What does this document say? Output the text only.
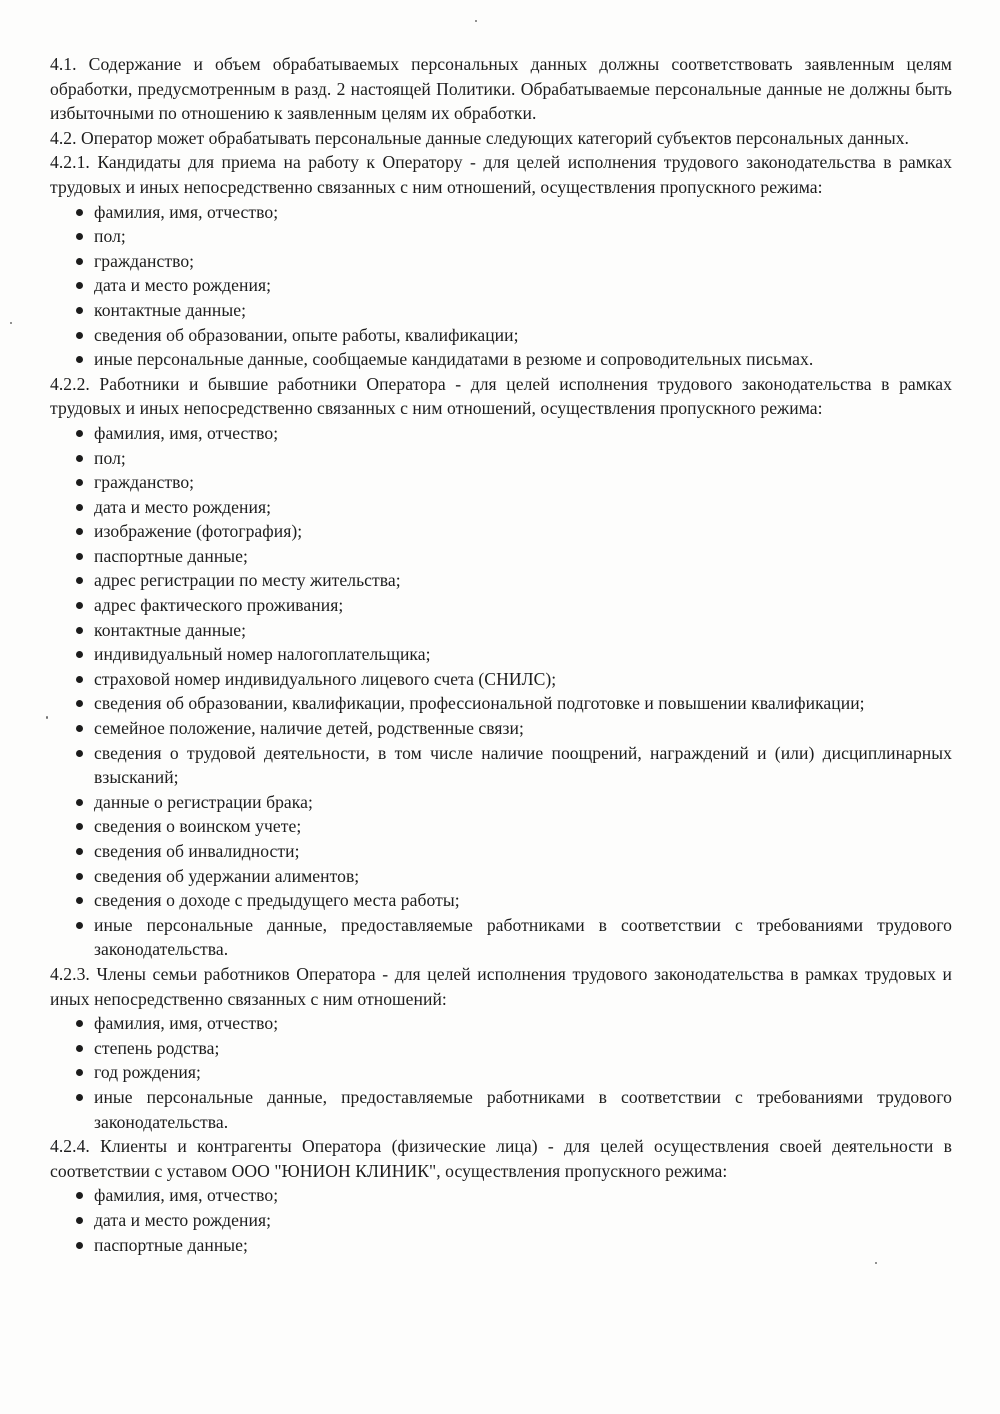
4.1. Содержание и объем обрабатываемых персональных данных должны соответствовать заявленным целям обработки, предусмотренным в разд. 2 настоящей Политики. Обрабатываемые персональные данные не должны быть избыточными по отношению к заявленным целям их обработки.

4.2. Оператор может обрабатывать персональные данные следующих категорий субъектов персональных данных.

4.2.1. Кандидаты для приема на работу к Оператору - для целей исполнения трудового законодательства в рамках трудовых и иных непосредственно связанных с ним отношений, осуществления пропускного режима:

фамилия, имя, отчество;
пол;
гражданство;
дата и место рождения;
контактные данные;
сведения об образовании, опыте работы, квалификации;
иные персональные данные, сообщаемые кандидатами в резюме и сопроводительных письмах.

4.2.2. Работники и бывшие работники Оператора - для целей исполнения трудового законодательства в рамках трудовых и иных непосредственно связанных с ним отношений, осуществления пропускного режима:

фамилия, имя, отчество;
пол;
гражданство;
дата и место рождения;
изображение (фотография);
паспортные данные;
адрес регистрации по месту жительства;
адрес фактического проживания;
контактные данные;
индивидуальный номер налогоплательщика;
страховой номер индивидуального лицевого счета (СНИЛС);
сведения об образовании, квалификации, профессиональной подготовке и повышении квалификации;
семейное положение, наличие детей, родственные связи;
сведения о трудовой деятельности, в том числе наличие поощрений, награждений и (или) дисциплинарных взысканий;
данные о регистрации брака;
сведения о воинском учете;
сведения об инвалидности;
сведения об удержании алиментов;
сведения о доходе с предыдущего места работы;
иные персональные данные, предоставляемые работниками в соответствии с требованиями трудового законодательства.

4.2.3. Члены семьи работников Оператора - для целей исполнения трудового законодательства в рамках трудовых и иных непосредственно связанных с ним отношений:

фамилия, имя, отчество;
степень родства;
год рождения;
иные персональные данные, предоставляемые работниками в соответствии с требованиями трудового законодательства.

4.2.4. Клиенты и контрагенты Оператора (физические лица) - для целей осуществления своей деятельности в соответствии с уставом ООО "ЮНИОН КЛИНИК", осуществления пропускного режима:

фамилия, имя, отчество;
дата и место рождения;
паспортные данные;
